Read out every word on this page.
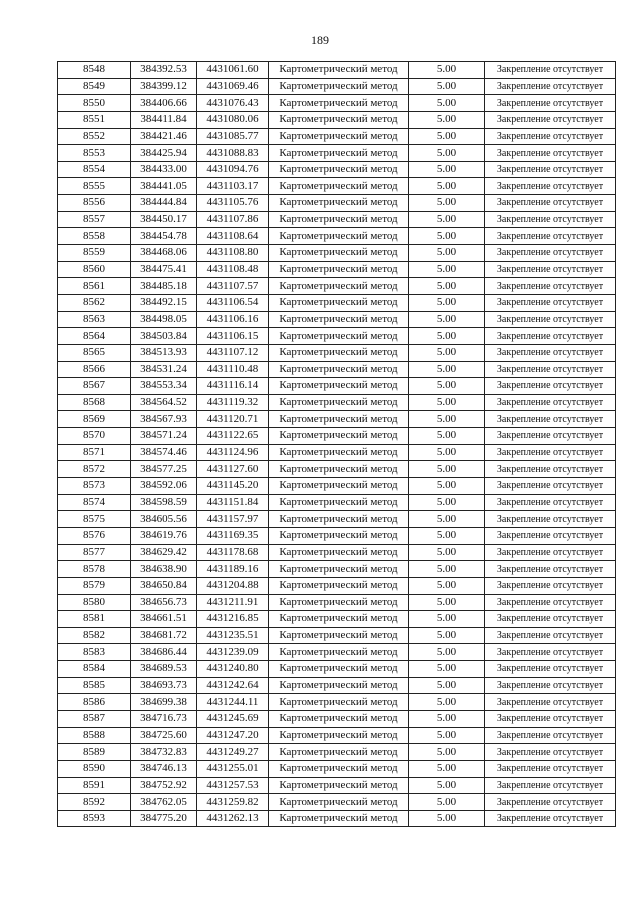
189
8548	384392.53	4431061.60	Картометрический метод	5.00	Закрепление отсутствует
8549	384399.12	4431069.46	Картометрический метод	5.00	Закрепление отсутствует
8550	384406.66	4431076.43	Картометрический метод	5.00	Закрепление отсутствует
8551	384411.84	4431080.06	Картометрический метод	5.00	Закрепление отсутствует
8552	384421.46	4431085.77	Картометрический метод	5.00	Закрепление отсутствует
8553	384425.94	4431088.83	Картометрический метод	5.00	Закрепление отсутствует
8554	384433.00	4431094.76	Картометрический метод	5.00	Закрепление отсутствует
8555	384441.05	4431103.17	Картометрический метод	5.00	Закрепление отсутствует
8556	384444.84	4431105.76	Картометрический метод	5.00	Закрепление отсутствует
8557	384450.17	4431107.86	Картометрический метод	5.00	Закрепление отсутствует
8558	384454.78	4431108.64	Картометрический метод	5.00	Закрепление отсутствует
8559	384468.06	4431108.80	Картометрический метод	5.00	Закрепление отсутствует
8560	384475.41	4431108.48	Картометрический метод	5.00	Закрепление отсутствует
8561	384485.18	4431107.57	Картометрический метод	5.00	Закрепление отсутствует
8562	384492.15	4431106.54	Картометрический метод	5.00	Закрепление отсутствует
8563	384498.05	4431106.16	Картометрический метод	5.00	Закрепление отсутствует
8564	384503.84	4431106.15	Картометрический метод	5.00	Закрепление отсутствует
8565	384513.93	4431107.12	Картометрический метод	5.00	Закрепление отсутствует
8566	384531.24	4431110.48	Картометрический метод	5.00	Закрепление отсутствует
8567	384553.34	4431116.14	Картометрический метод	5.00	Закрепление отсутствует
8568	384564.52	4431119.32	Картометрический метод	5.00	Закрепление отсутствует
8569	384567.93	4431120.71	Картометрический метод	5.00	Закрепление отсутствует
8570	384571.24	4431122.65	Картометрический метод	5.00	Закрепление отсутствует
8571	384574.46	4431124.96	Картометрический метод	5.00	Закрепление отсутствует
8572	384577.25	4431127.60	Картометрический метод	5.00	Закрепление отсутствует
8573	384592.06	4431145.20	Картометрический метод	5.00	Закрепление отсутствует
8574	384598.59	4431151.84	Картометрический метод	5.00	Закрепление отсутствует
8575	384605.56	4431157.97	Картометрический метод	5.00	Закрепление отсутствует
8576	384619.76	4431169.35	Картометрический метод	5.00	Закрепление отсутствует
8577	384629.42	4431178.68	Картометрический метод	5.00	Закрепление отсутствует
8578	384638.90	4431189.16	Картометрический метод	5.00	Закрепление отсутствует
8579	384650.84	4431204.88	Картометрический метод	5.00	Закрепление отсутствует
8580	384656.73	4431211.91	Картометрический метод	5.00	Закрепление отсутствует
8581	384661.51	4431216.85	Картометрический метод	5.00	Закрепление отсутствует
8582	384681.72	4431235.51	Картометрический метод	5.00	Закрепление отсутствует
8583	384686.44	4431239.09	Картометрический метод	5.00	Закрепление отсутствует
8584	384689.53	4431240.80	Картометрический метод	5.00	Закрепление отсутствует
8585	384693.73	4431242.64	Картометрический метод	5.00	Закрепление отсутствует
8586	384699.38	4431244.11	Картометрический метод	5.00	Закрепление отсутствует
8587	384716.73	4431245.69	Картометрический метод	5.00	Закрепление отсутствует
8588	384725.60	4431247.20	Картометрический метод	5.00	Закрепление отсутствует
8589	384732.83	4431249.27	Картометрический метод	5.00	Закрепление отсутствует
8590	384746.13	4431255.01	Картометрический метод	5.00	Закрепление отсутствует
8591	384752.92	4431257.53	Картометрический метод	5.00	Закрепление отсутствует
8592	384762.05	4431259.82	Картометрический метод	5.00	Закрепление отсутствует
8593	384775.20	4431262.13	Картометрический метод	5.00	Закрепление отсутствует
